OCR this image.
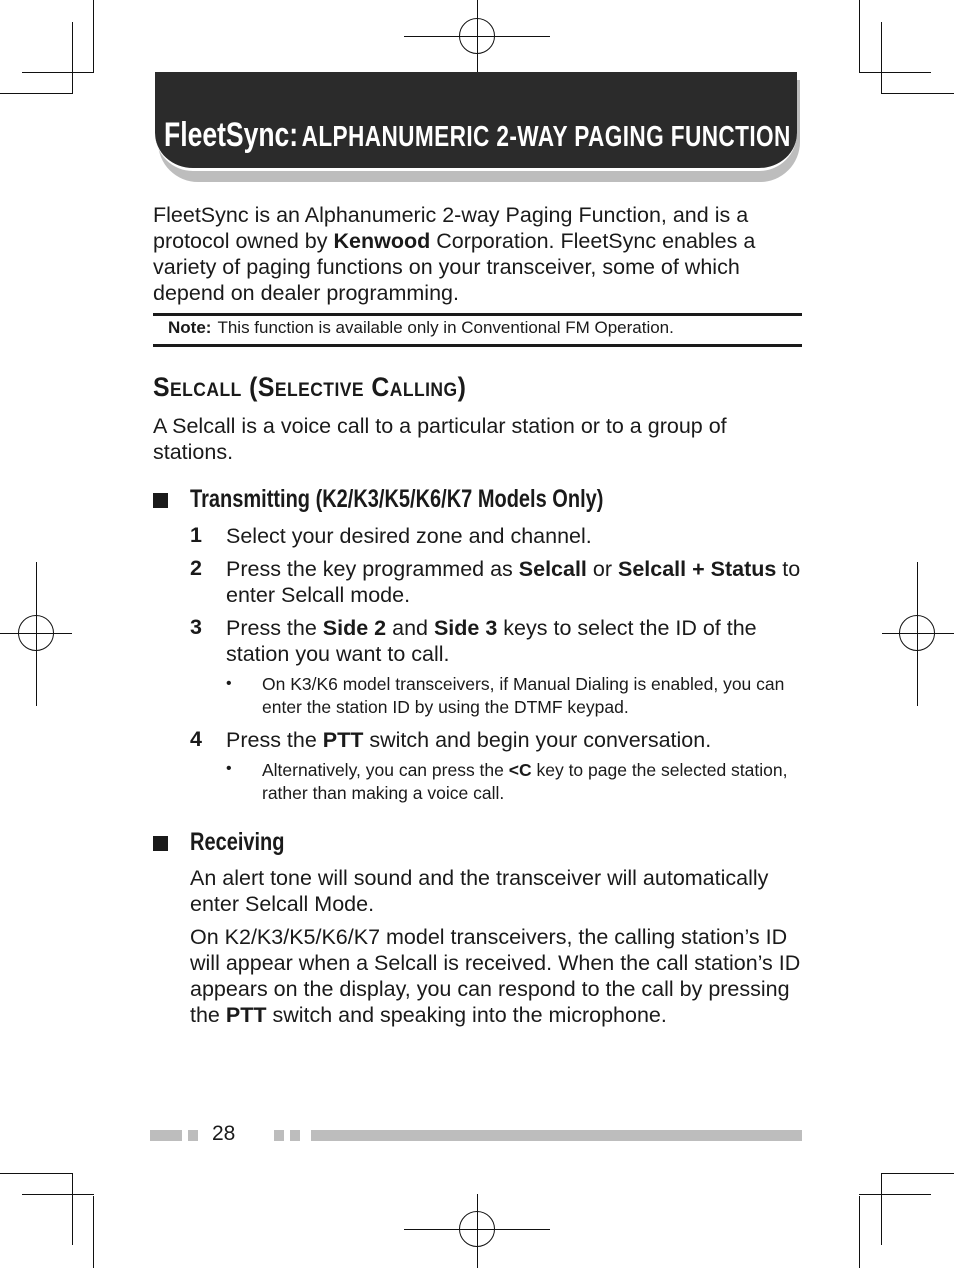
FleetSync: ALPHANUMERIC 2-WAY PAGING FUNCTION
FleetSync is an Alphanumeric 2-way Paging Function, and is a protocol owned by Kenwood Corporation. FleetSync enables a variety of paging functions on your transceiver, some of which depend on dealer programming.
Note: This function is available only in Conventional FM Operation.
Selcall (Selective Calling)
A Selcall is a voice call to a particular station or to a group of stations.
Transmitting (K2/K3/K5/K6/K7 Models Only)
1 Select your desired zone and channel.
2 Press the key programmed as Selcall or Selcall + Status to enter Selcall mode.
3 Press the Side 2 and Side 3 keys to select the ID of the station you want to call.
• On K3/K6 model transceivers, if Manual Dialing is enabled, you can enter the station ID by using the DTMF keypad.
4 Press the PTT switch and begin your conversation.
• Alternatively, you can press the <C key to page the selected station, rather than making a voice call.
Receiving
An alert tone will sound and the transceiver will automatically enter Selcall Mode.
On K2/K3/K5/K6/K7 model transceivers, the calling station’s ID will appear when a Selcall is received. When the call station’s ID appears on the display, you can respond to the call by pressing the PTT switch and speaking into the microphone.
28
